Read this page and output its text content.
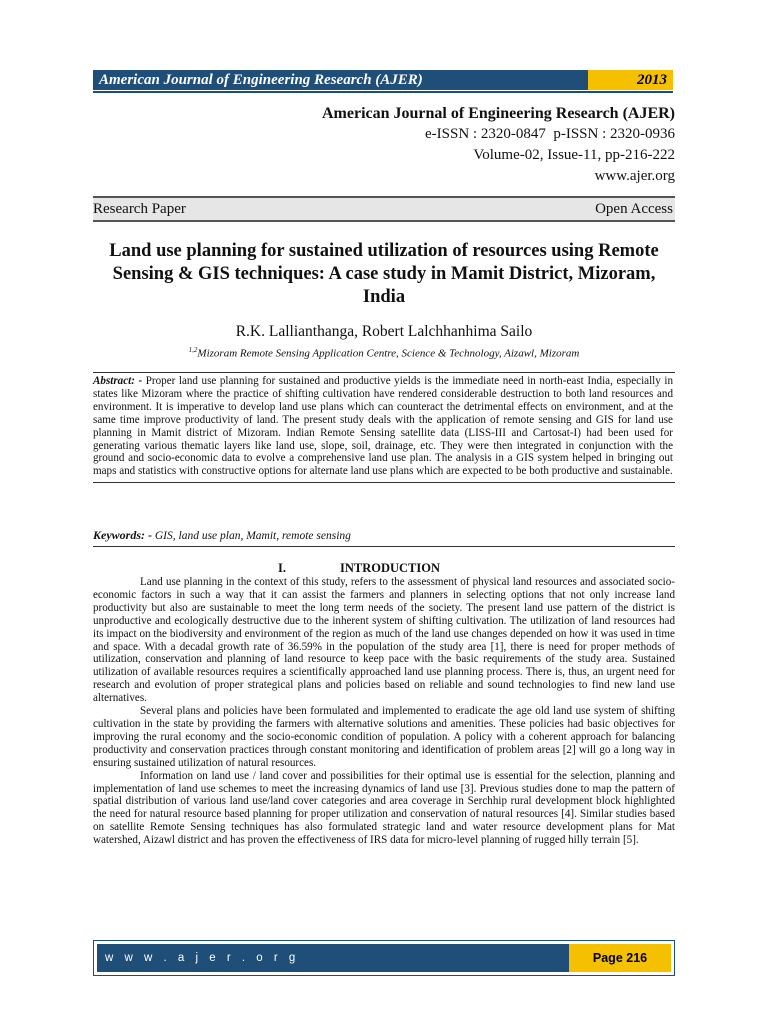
American Journal of Engineering Research (AJER)	2013
American Journal of Engineering Research (AJER)
e-ISSN : 2320-0847  p-ISSN : 2320-0936
Volume-02, Issue-11, pp-216-222
www.ajer.org
Research Paper	Open Access
Land use planning for sustained utilization of resources using Remote Sensing & GIS techniques: A case study in Mamit District, Mizoram, India
R.K. Lallianthanga, Robert Lalchhanhima Sailo
$^{1,2}$Mizoram Remote Sensing Application Centre, Science & Technology, Aizawl, Mizoram
Abstract: - Proper land use planning for sustained and productive yields is the immediate need in north-east India, especially in states like Mizoram where the practice of shifting cultivation have rendered considerable destruction to both land resources and environment. It is imperative to develop land use plans which can counteract the detrimental effects on environment, and at the same time improve productivity of land. The present study deals with the application of remote sensing and GIS for land use planning in Mamit district of Mizoram. Indian Remote Sensing satellite data (LISS-III and Cartosat-I) had been used for generating various thematic layers like land use, slope, soil, drainage, etc. They were then integrated in conjunction with the ground and socio-economic data to evolve a comprehensive land use plan. The analysis in a GIS system helped in bringing out maps and statistics with constructive options for alternate land use plans which are expected to be both productive and sustainable.
Keywords: - GIS, land use plan, Mamit, remote sensing
I.	INTRODUCTION

Land use planning in the context of this study, refers to the assessment of physical land resources and associated socio-economic factors in such a way that it can assist the farmers and planners in selecting options that not only increase land productivity but also are sustainable to meet the long term needs of the society. The present land use pattern of the district is unproductive and ecologically destructive due to the inherent system of shifting cultivation. The utilization of land resources had its impact on the biodiversity and environment of the region as much of the land use changes depended on how it was used in time and space. With a decadal growth rate of 36.59% in the population of the study area [1], there is need for proper methods of utilization, conservation and planning of land resource to keep pace with the basic requirements of the study area. Sustained utilization of available resources requires a scientifically approached land use planning process. There is, thus, an urgent need for research and evolution of proper strategical plans and policies based on reliable and sound technologies to find new land use alternatives.

Several plans and policies have been formulated and implemented to eradicate the age old land use system of shifting cultivation in the state by providing the farmers with alternative solutions and amenities. These policies had basic objectives for improving the rural economy and the socio-economic condition of population. A policy with a coherent approach for balancing productivity and conservation practices through constant monitoring and identification of problem areas [2] will go a long way in ensuring sustained utilization of natural resources.

Information on land use / land cover and possibilities for their optimal use is essential for the selection, planning and implementation of land use schemes to meet the increasing dynamics of land use [3]. Previous studies done to map the pattern of spatial distribution of various land use/land cover categories and area coverage in Serchhip rural development block highlighted the need for natural resource based planning for proper utilization and conservation of natural resources [4]. Similar studies based on satellite Remote Sensing techniques has also formulated strategic land and water resource development plans for Mat watershed, Aizawl district and has proven the effectiveness of IRS data for micro-level planning of rugged hilly terrain [5].

w w w . a j e r . o r g	Page 216
